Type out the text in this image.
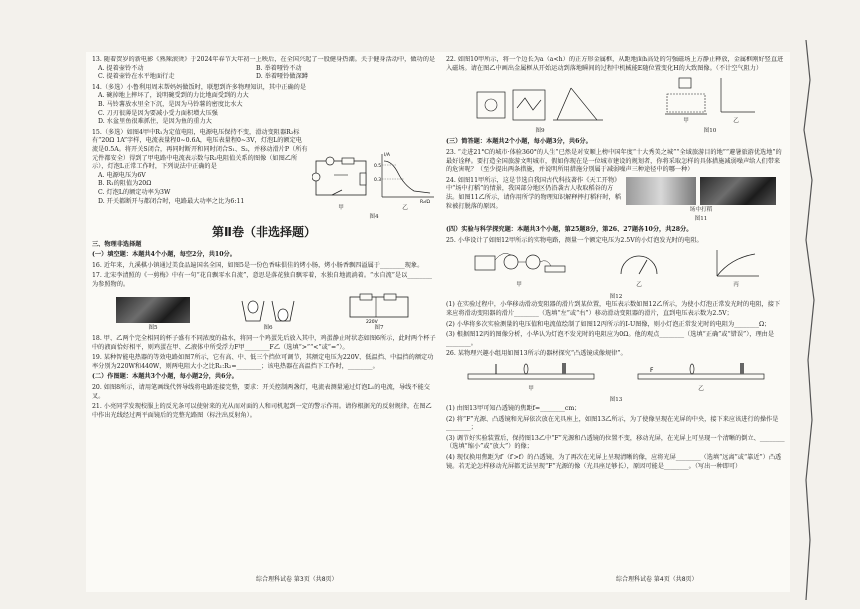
13. 随着贺岁的新电影《熟辣滚烫》于2024年春节大年初一上映后，在全国兴起了一股健身热潮。关于健身活动中，做功的是
A. 提着壶铃不动	B. 举着哑铃不动
C. 提着壶铃在水平地面行走	D. 举着哑铃做深蹲
14.（多选）小鲁利用周末帮妈妈做饭时，联想到许多物理知识，其中正确的是
A. 碗掉地上摔坏了，说明碗受到的力比地面受到的力大
B. 马铃薯放水里全下沉，是因为马铃薯的密度比水大
C. 刀刃很薄是因为要减小受力面积增大压强
D. 水盆里鱼很难抓住，是因为鱼的重力大
15.（多选）如图4甲中R₁为定值电阻，电源电压保持不变，滑动变阻器R₂标有“20Ω 1A”字样，电流表量程0~0.6A，电压表量程0~3V，灯泡L的额定电流是0.5A。将开关S闭合，再同时断开和同时闭合S₁、S₂，并移动滑片P（所有元件都安全）得到了甲电路中电流表示数与R₂电阻值关系的图像（如图乙所示），灯泡L正常工作时，下列说法中正确的是
A. 电源电压为6V
B. R₁的阻值为20Ω
C. 灯泡L的额定功率为3W
D. 开关都断开与都闭合时，电路最大功率之比为6:11
甲
0.5
0.3
I/A
R₂/Ω
乙
图4
第Ⅱ卷（非选择题）
三、物理非选择题
(一）填空题：本题共4个小题，每空2分，共10分。
16. 近年来，九溪棋小镇通过美食品遍国名全国，如图5是一份色香味俱佳的烤小肠，烤小肠香飘四溢属于________现象。
17. 北宋李清照的《一剪梅》中有一句“花自飘零水自流”，意思是落花独自飘零着，水独自地流淌着。“水自流”是以________为参照物的。
图5	图6
220V
图7
18. 甲、乙两个完全相同的杯子盛有不同浓度的盐水，将同一个鸡蛋先后放入其中，鸡蛋静止时状态如图6所示，此时两个杯子中的液面恰好相平，则鸡蛋在甲、乙液体中所受浮力F甲________F乙（选填“>”“<”或“=”）。
19. 某种智能电热器的等效电路如图7所示，它有高、中、低三个挡位可调节，其额定电压为220V、低温挡、中温挡的额定功率分别为220W和440W，则两电阻大小之比R₁:R₂=________；该电热器在高温挡下工作时，________。
(二）作图题：本题共3个小题，每小题2分，共6分。
20. 如图8所示，请用笔画线代替导线将电路连接完整，要求：开关控制两盏灯，电流表测量通过灯泡L₁的电流，导线不能交叉。
21. 小亮同学发现校服上的反光条可以使射来的光从而对面的人和司机起到一定的警示作用。请你根据光的反射规律，在图乙中作出光线经过两平面镜后的完整光路图（标注出反射角）。
22. 如图10甲所示，将一个边长为a（a<h）的正方形金属框，从距地面h高处的匀强磁场上方静止释放，金属框刚好竖直进入磁场。请在图乙中画出金属框从开始运动到落地瞬间的过程中机械能E随位置变化H的大致图像。（不计空气阻力）
图9
甲	乙
图10
(三）简答题：本题共2个小题，每小题3分，共6分。
23. “走进21°C的城市·体验360°的人生”已然是对安顺上榜中国年度“十大秀美之城”“全域旅游目的地”“避暑旅游优选地”的最好诠释。要打造全国旅游文明城市，假如你现在是一位城市建设的规划者，你将采取怎样的具体措施减弱噪声给人们带来的危害呢？（至少提出两条措施，并说明所用措施分别属于减弱噪声三种途径中的哪一种）
24. 如图11甲所示，这是节选自我国古代科技著作《天工开物》中“场中打稻”的情景，我国部分地区仍沿袭古人收取稻谷的方法。如图11乙所示，请你用所学的物理知识解释摔打稻秆时，稻粒被打脱落的原因。
场中打稻
图11
(四）实验与科学探究题：本题共3个小题，第25题8分，第26、27题各10分，共28分。
25. 小华设计了如图12甲所示的实物电路，测量一个额定电压为2.5V的小灯泡发光时的电阻。
甲	乙	丙
图12
(1) 在实验过程中，小华移动滑动变阻器的滑片到某位置，电压表示数如图12乙所示，为使小灯泡正常发光时的电阻，接下来应将滑动变阻器的滑片________（选填“左”或“右”）移动滑动变阻器的滑片，直到电压表示数为2.5V；
(2) 小华将多次实验测量的电压值和电流值绘制了如图12丙所示的I-U图像，则小灯泡正常发光时的电阻为________Ω；
(3) 根据图12丙的图像分析，小华认为灯泡不发光时的电阻应为0Ω。他的观点________（选填“正确”或“错误”），理由是________。
26. 某物理兴趣小组用如图13所示的器材探究“凸透镜成像规律”。
甲
F
乙
图13
(1) 由图13甲可知凸透镜的焦距f=________cm；
(2) 将“F”光源、凸透镜和光屏依次放在光具座上，如图13乙所示，为了使像呈现在光屏的中央，接下来应该进行的操作是________；
(3) 调节好实验装置后，保持图13乙中“F”光源和凸透镜的位置不变，移动光屏，在光屏上可呈现一个清晰的倒立、________（选填“缩小”或“放大”）的像；
(4) 现仅换用焦距为f′（f′>f）的凸透镜，为了再次在光屏上呈现清晰的像，应将光屏________（选填“远离”或“靠近”）凸透镜。若无论怎样移动光屏都无法呈现“F”光源的像（光具座足够长），原因可能是________。（写出一种即可）
综合理科试卷 第3页（共8页）	综合理科试卷 第4页（共8页）
